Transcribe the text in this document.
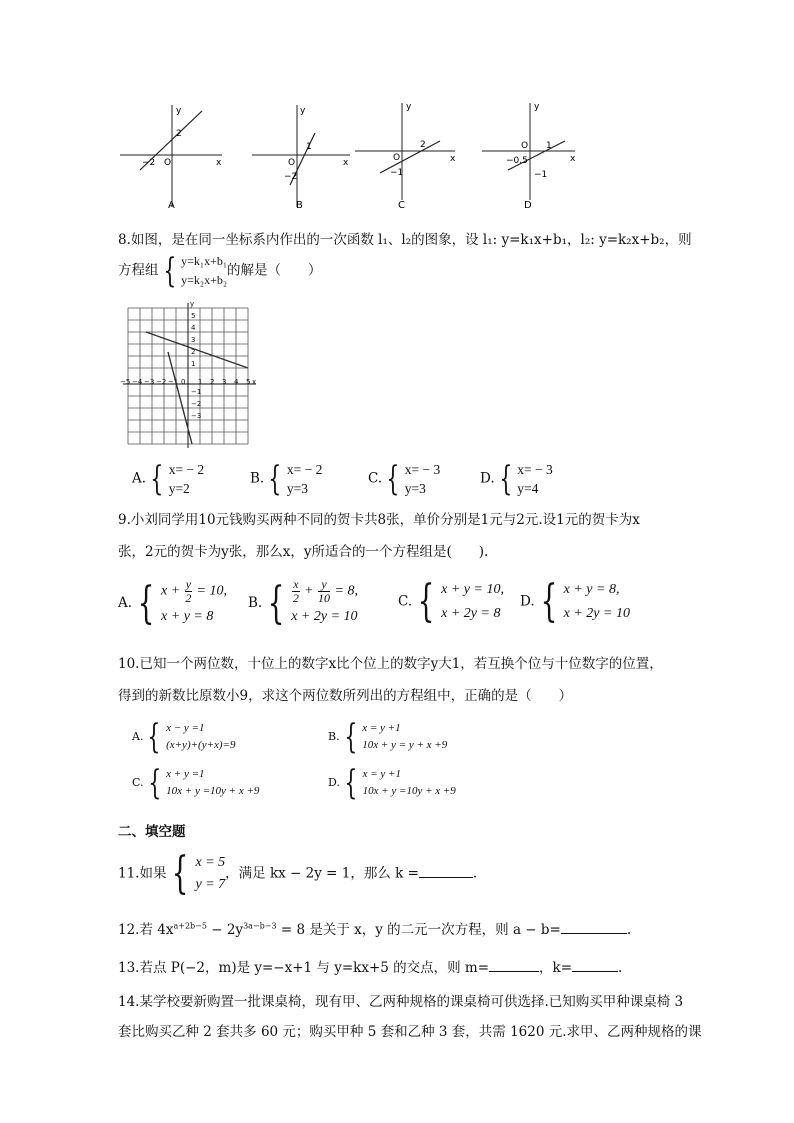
y
x
O
2
−2
A
y
x
O
1
−2
B
y
x
O
2
−1
C
y
x
O 1
−0.5
−1
D
8.如图，是在同一坐标系内作出的一次函数 l₁、l₂的图象，设 l₁: y=k₁x+b₁，l₂: y=k₂x+b₂，则
方程组 { y=k₁x+b₁
y=k₂x+b₂
的解是（　　）
y
x
0
−5 −4 −3 −2 −1	1 2 3 4 5
5
4
3
2
1
−1
−2
−3
A. { x= − 2
y=2
B. { x= − 2
y=3
C. { x= − 3
y=3
D. { x= − 3
y=4
9.小刘同学用10元钱购买两种不同的贺卡共8张，单价分别是1元与2元.设1元的贺卡为x
张，2元的贺卡为y张，那么x，y所适合的一个方程组是(　　).
A. { $x + \frac{y}{2} = 10$,
x + y = 8
B. { $\frac{x}{2} + \frac{y}{10} = 8$,
x + 2y = 10
C. { x + y = 10,
x + 2y = 8
D. { x + y = 8,
x + 2y = 10
10.已知一个两位数，十位上的数字x比个位上的数字y大1，若互换个位与十位数字的位置，
得到的新数比原数小9，求这个两位数所列出的方程组中，正确的是（　　）
A. { x − y =1
(x+y)+(y+x)=9
B. { x = y +1
10x + y = y + x +9
C. { x + y =1
10x + y =10y + x +9
D. { x = y +1
10x + y =10y + x +9
二、填空题
11.如果 { x = 5
y = 7
，满足 kx − 2y = 1，那么 k =	.
12.若 $4x^{a+2b-5} - 2y^{3a-b-3} = 8$ 是关于 x，y 的二元一次方程，则 a − b=	.
13.若点 P(−2，m)是 y=−x+1 与 y=kx+5 的交点，则 m=	，k=	.
14.某学校要新购置一批课桌椅，现有甲、乙两种规格的课桌椅可供选择.已知购买甲种课桌椅 3
套比购买乙种 2 套共多 60 元；购买甲种 5 套和乙种 3 套，共需 1620 元.求甲、乙两种规格的课
